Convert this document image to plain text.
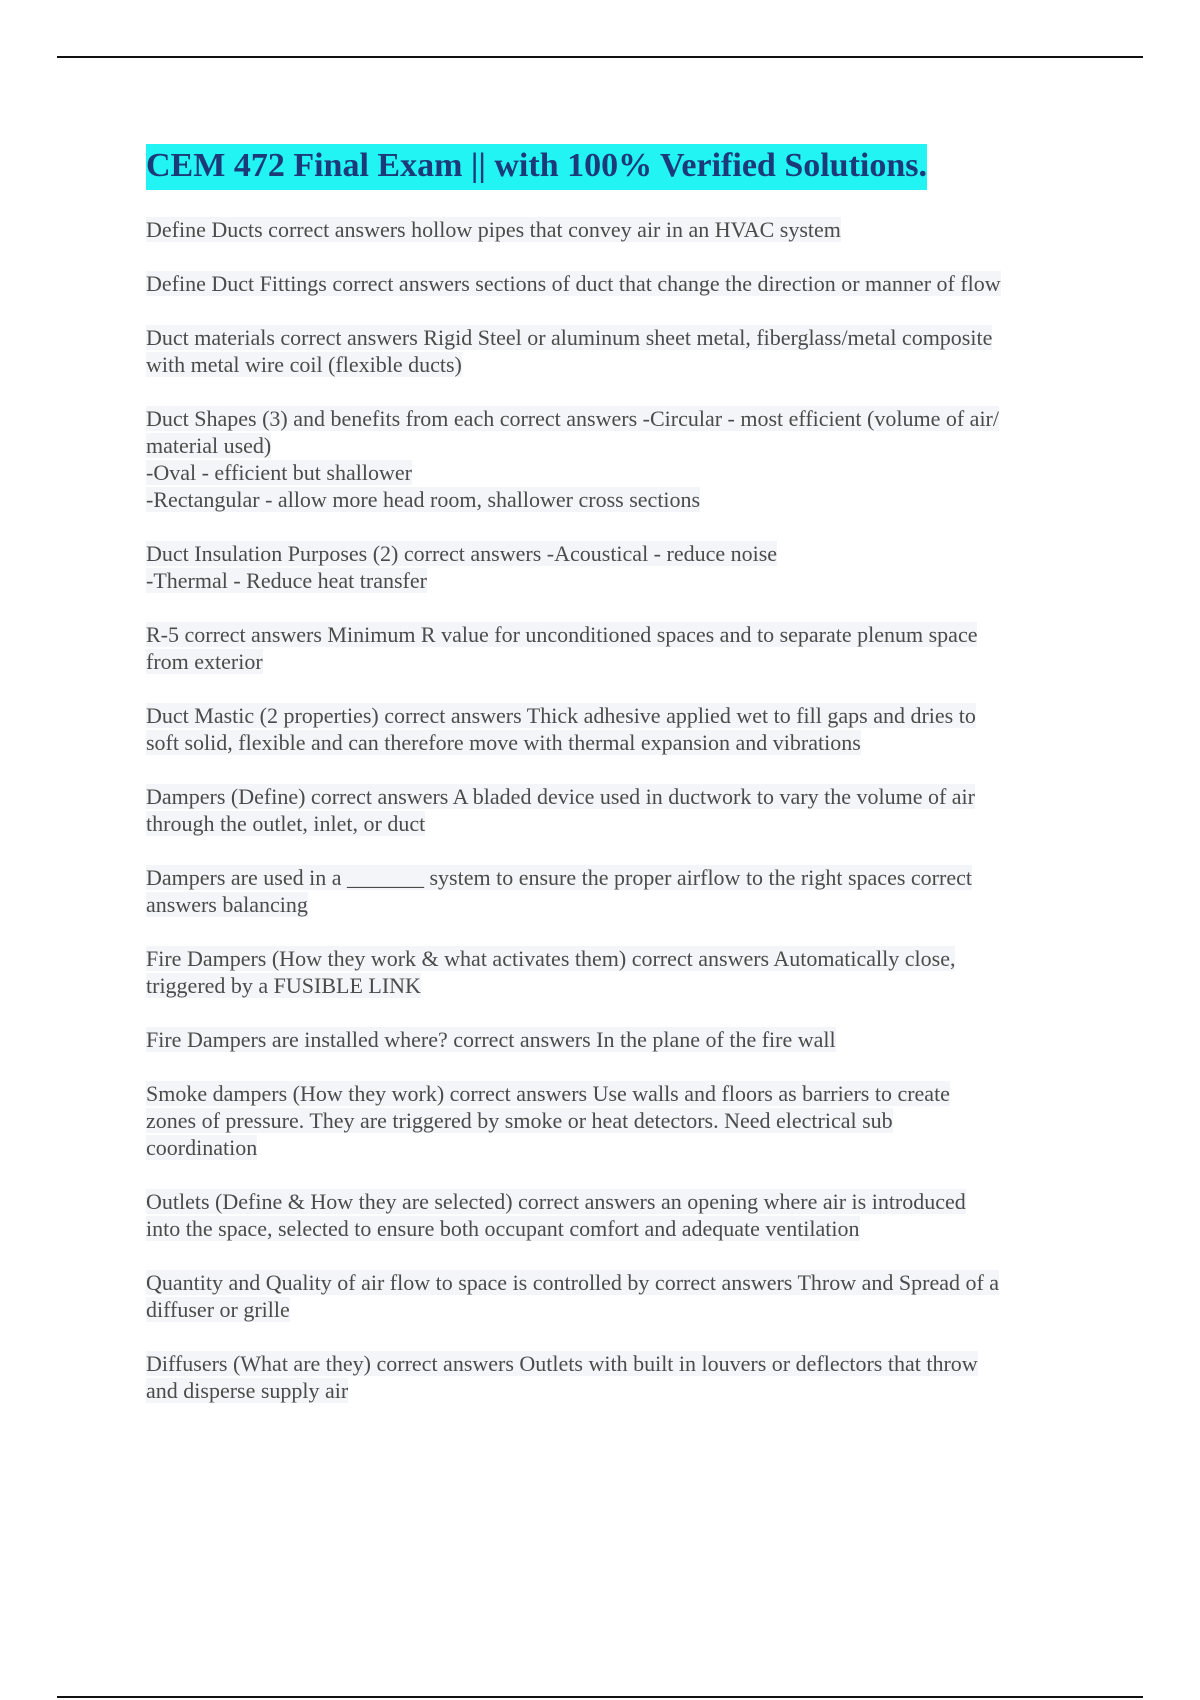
CEM 472 Final Exam || with 100% Verified Solutions.
Define Ducts correct answers hollow pipes that convey air in an HVAC system
Define Duct Fittings correct answers sections of duct that change the direction or manner of flow
Duct materials correct answers Rigid Steel or aluminum sheet metal, fiberglass/metal composite
with metal wire coil (flexible ducts)
Duct Shapes (3) and benefits from each correct answers -Circular - most efficient (volume of air/
material used)
-Oval - efficient but shallower
-Rectangular - allow more head room, shallower cross sections
Duct Insulation Purposes (2) correct answers -Acoustical - reduce noise
-Thermal - Reduce heat transfer
R-5 correct answers Minimum R value for unconditioned spaces and to separate plenum space
from exterior
Duct Mastic (2 properties) correct answers Thick adhesive applied wet to fill gaps and dries to
soft solid, flexible and can therefore move with thermal expansion and vibrations
Dampers (Define) correct answers A bladed device used in ductwork to vary the volume of air
through the outlet, inlet, or duct
Dampers are used in a _______ system to ensure the proper airflow to the right spaces correct
answers balancing
Fire Dampers (How they work & what activates them) correct answers Automatically close,
triggered by a FUSIBLE LINK
Fire Dampers are installed where? correct answers In the plane of the fire wall
Smoke dampers (How they work) correct answers Use walls and floors as barriers to create
zones of pressure. They are triggered by smoke or heat detectors. Need electrical sub
coordination
Outlets (Define & How they are selected) correct answers an opening where air is introduced
into the space, selected to ensure both occupant comfort and adequate ventilation
Quantity and Quality of air flow to space is controlled by correct answers Throw and Spread of a
diffuser or grille
Diffusers (What are they) correct answers Outlets with built in louvers or deflectors that throw
and disperse supply air
